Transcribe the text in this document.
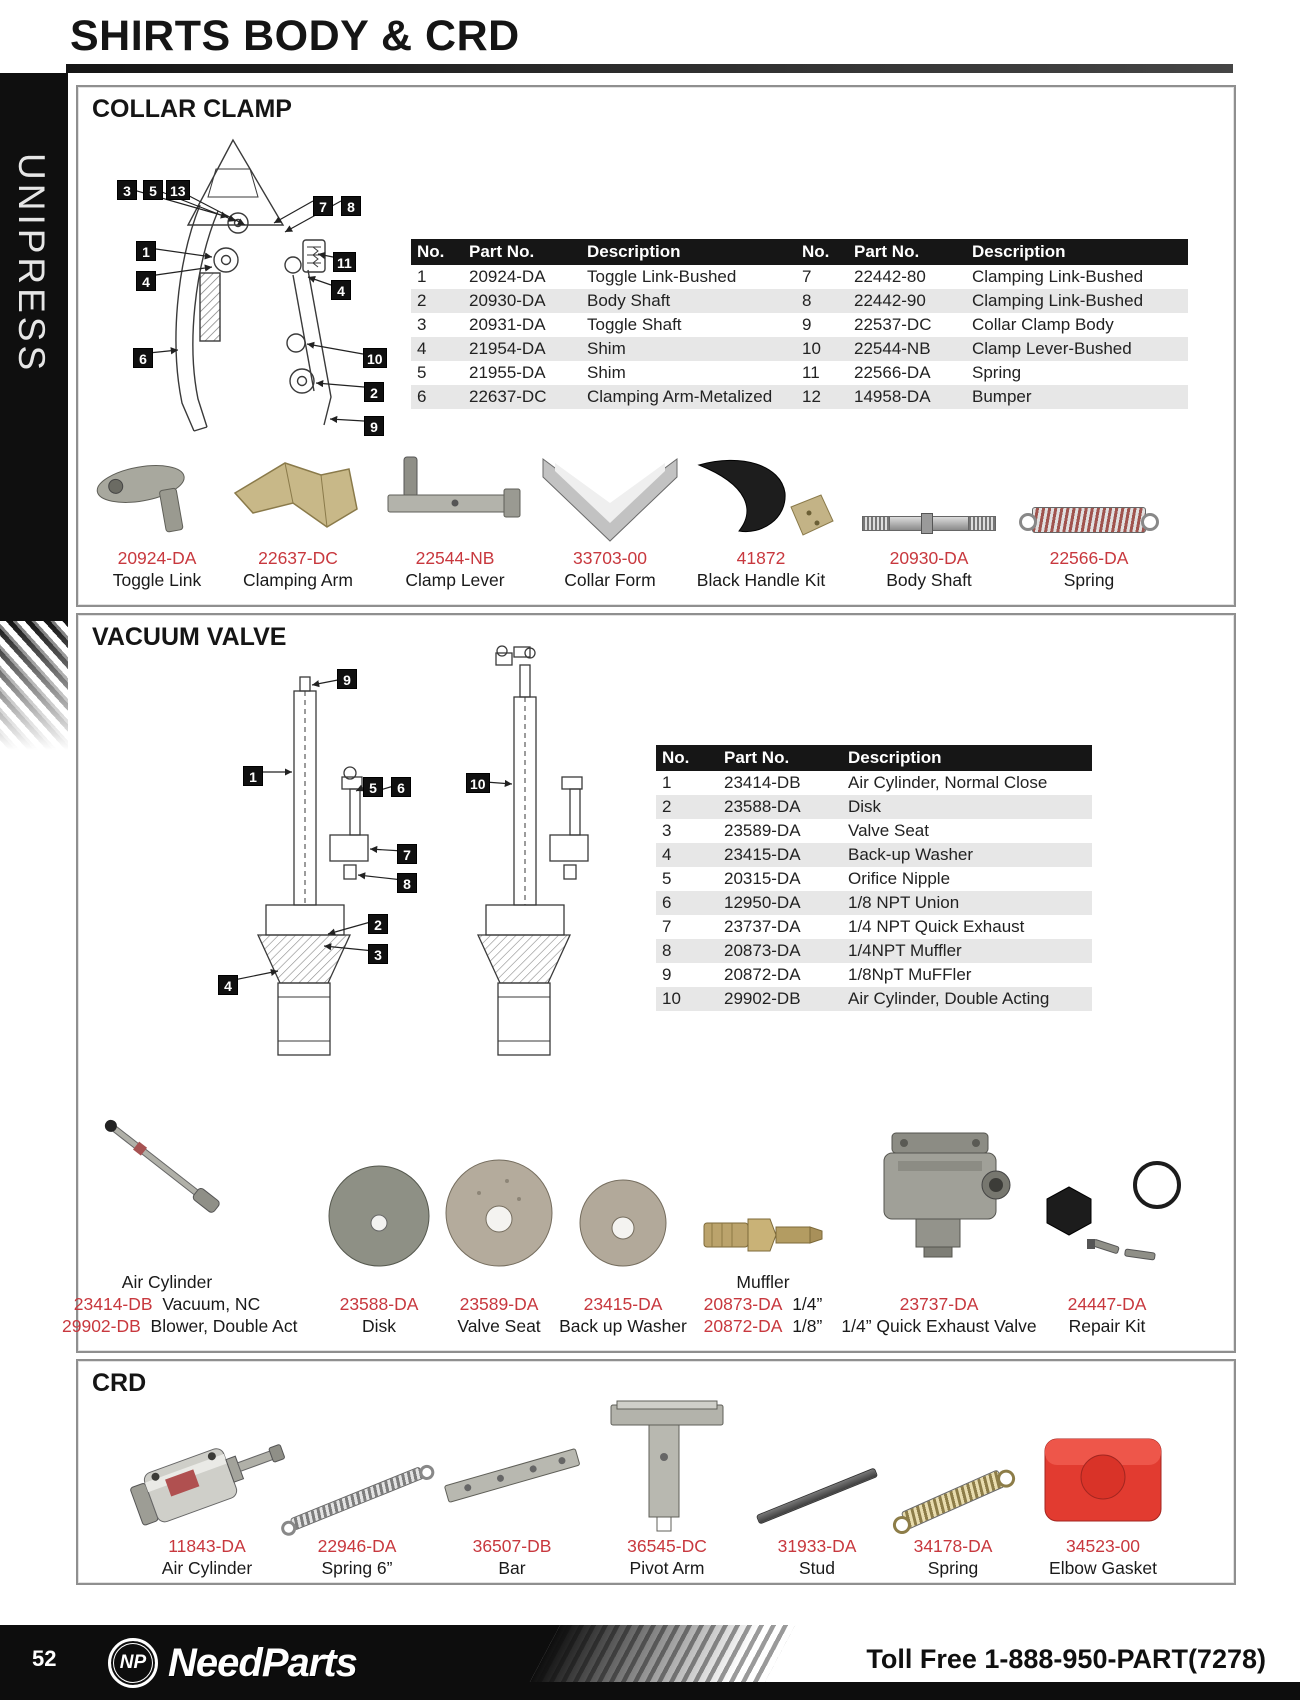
SHIRTS BODY & CRD
UNIPRESS
COLLAR CLAMP
3	5 13
7	8
1
11
4
4
6	10
2
9
No.	Part No.	Description
1	20924-DA	Toggle Link-Bushed
2	20930-DA	Body Shaft
3	20931-DA	Toggle Shaft
4	21954-DA	Shim
5	21955-DA	Shim
6	22637-DC	Clamping Arm-Metalized
No.	Part No.	Description
7	22442-80	Clamping Link-Bushed
8	22442-90	Clamping Link-Bushed
9	22537-DC	Collar Clamp Body
10	22544-NB	Clamp Lever-Bushed
11	22566-DA	Spring
12	14958-DA	Bumper
20924-DA
Toggle Link
22637-DC
Clamping Arm
22544-NB
Clamp Lever
33703-00
Collar Form
41872
Black Handle Kit
20930-DA
Body Shaft
22566-DA
Spring
VACUUM VALVE
9
1
5	6	10
7
8
2
3
4
No.	Part No.	Description
1	23414-DB	Air Cylinder, Normal Close
2	23588-DA	Disk
3	23589-DA	Valve Seat
4	23415-DA	Back-up Washer
5	20315-DA	Orifice Nipple
6	12950-DA	1/8 NPT Union
7	23737-DA	1/4 NPT Quick Exhaust
8	20873-DA	1/4NPT Muffler
9	20872-DA	1/8NpT MuFFler
10	29902-DB	Air Cylinder, Double Acting
Air Cylinder
23414-DB Vacuum, NC
29902-DB Blower, Double Act
23588-DA
Disk
23589-DA
Valve Seat
23415-DA
Back up Washer
Muffler
20873-DA 1/4”
20872-DA 1/8”
23737-DA
1/4” Quick Exhaust Valve
24447-DA
Repair Kit
CRD
11843-DA
Air Cylinder
22946-DA
Spring 6”
36507-DB
Bar
36545-DC
Pivot Arm
31933-DA
Stud
34178-DA
Spring
34523-00
Elbow Gasket
52	NP NeedParts	Toll Free 1-888-950-PART(7278)
